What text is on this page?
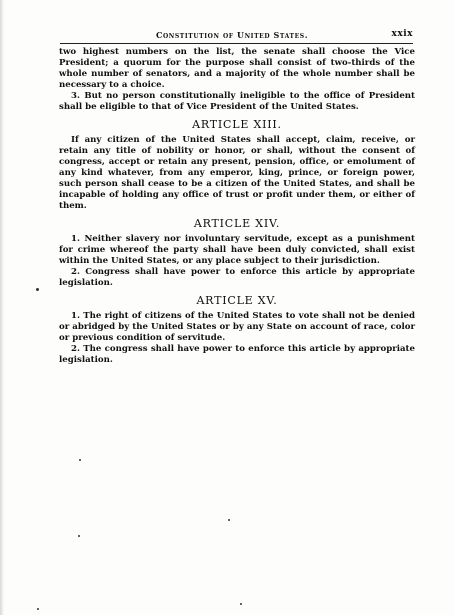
Constitution of United States.	xxix

two highest numbers on the list, the senate shall choose the Vice President; a quorum for the purpose shall consist of two-thirds of the whole number of senators, and a majority of the whole number shall be necessary to a choice.

3. But no person constitutionally ineligible to the office of President shall be eligible to that of Vice President of the United States.

ARTICLE XIII.

If any citizen of the United States shall accept, claim, receive, or retain any title of nobility or honor, or shall, without the consent of congress, accept or retain any present, pension, office, or emolument of any kind whatever, from any emperor, king, prince, or foreign power, such person shall cease to be a citizen of the United States, and shall be incapable of holding any office of trust or profit under them, or either of them.

ARTICLE XIV.

1. Neither slavery nor involuntary servitude, except as a punishment for crime whereof the party shall have been duly convicted, shall exist within the United States, or any place subject to their jurisdiction.

2. Congress shall have power to enforce this article by appropriate legislation.

ARTICLE XV.

1. The right of citizens of the United States to vote shall not be denied or abridged by the United States or by any State on account of race, color or previous condition of servitude.

2. The congress shall have power to enforce this article by appropriate legislation.
